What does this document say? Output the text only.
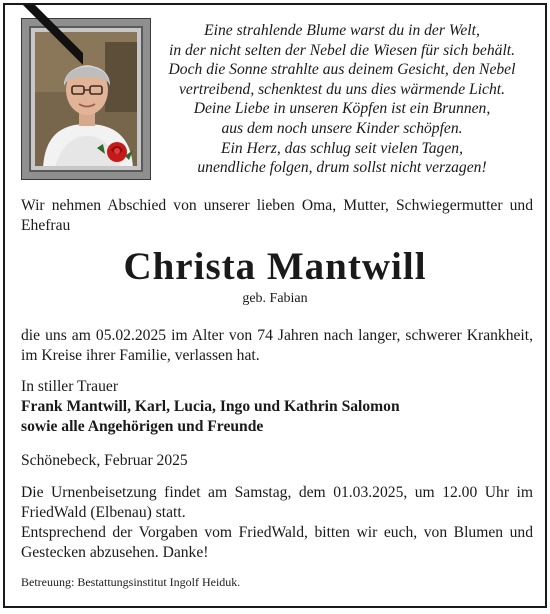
Eine strahlende Blume warst du in der Welt,
in der nicht selten der Nebel die Wiesen für sich behält.
Doch die Sonne strahlte aus deinem Gesicht, den Nebel
vertreibend, schenktest du uns dies wärmende Licht.
Deine Liebe in unseren Köpfen ist ein Brunnen,
aus dem noch unsere Kinder schöpfen.
Ein Herz, das schlug seit vielen Tagen,
unendliche folgen, drum sollst nicht verzagen!
Wir nehmen Abschied von unserer lieben Oma, Mutter, Schwiegermutter und Ehefrau
Christa Mantwill
geb. Fabian
die uns am 05.02.2025 im Alter von 74 Jahren nach langer, schwerer Krankheit, im Kreise ihrer Familie, verlassen hat.
In stiller Trauer
Frank Mantwill, Karl, Lucia, Ingo und Kathrin Salomon
sowie alle Angehörigen und Freunde
Schönebeck, Februar 2025
Die Urnenbeisetzung findet am Samstag, dem 01.03.2025, um 12.00 Uhr im FriedWald (Elbenau) statt.
Entsprechend der Vorgaben vom FriedWald, bitten wir euch, von Blumen und Gestecken abzusehen. Danke!
Betreuung: Bestattungsinstitut Ingolf Heiduk.
